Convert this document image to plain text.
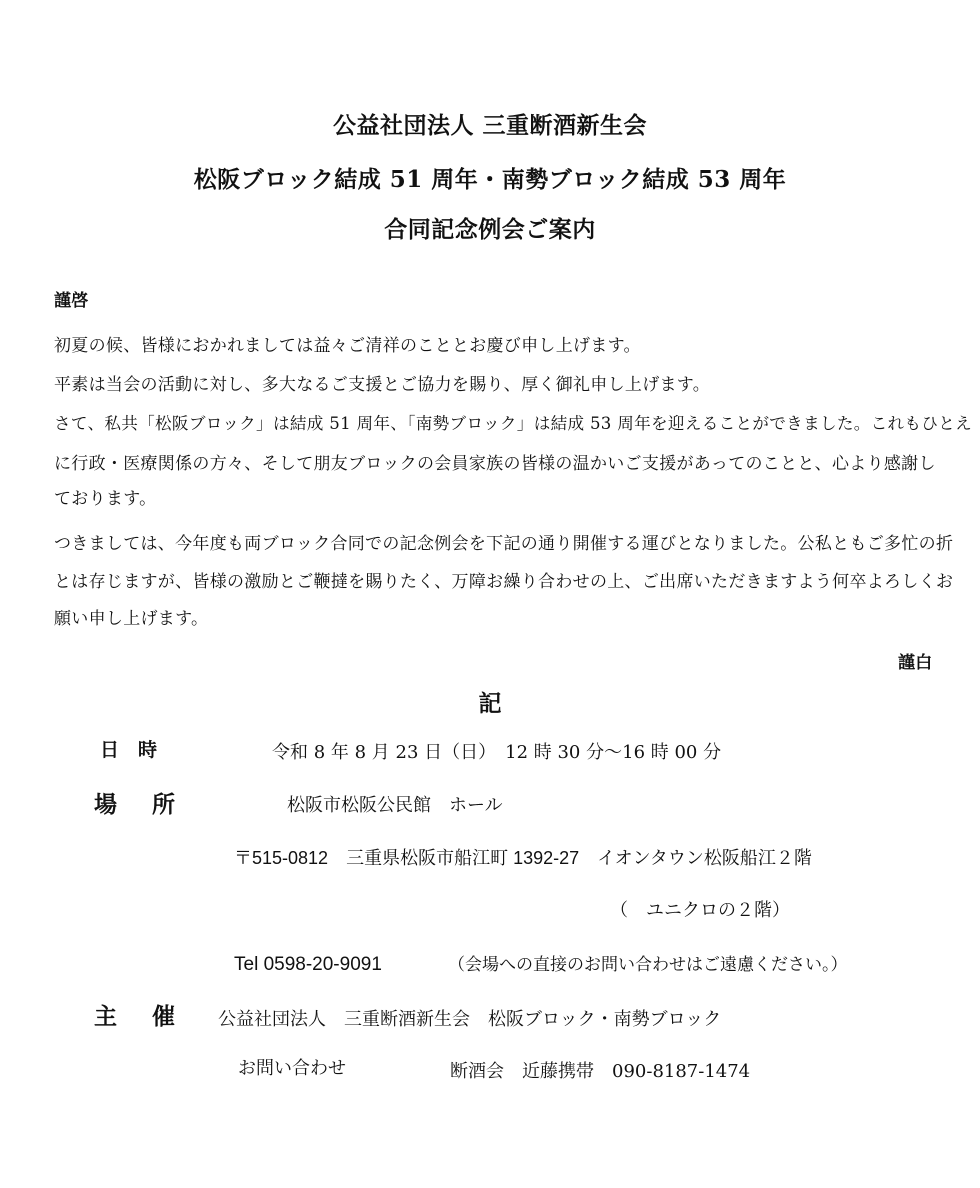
公益社団法人 三重断酒新生会
松阪ブロック結成 51 周年・南勢ブロック結成 53 周年
合同記念例会ご案内
謹啓
初夏の候、皆様におかれましては益々ご清祥のこととお慶び申し上げます。
平素は当会の活動に対し、多大なるご支援とご協力を賜り、厚く御礼申し上げます。
さて、私共「松阪ブロック」は結成 51 周年、「南勢ブロック」は結成 53 周年を迎えることができました。これもひとえ
に行政・医療関係の方々、そして朋友ブロックの会員家族の皆様の温かいご支援があってのことと、心より感謝し
ております。
つきましては、今年度も両ブロック合同での記念例会を下記の通り開催する運びとなりました。公私ともご多忙の折
とは存じますが、皆様の激励とご鞭撻を賜りたく、万障お繰り合わせの上、ご出席いただきますよう何卒よろしくお
願い申し上げます。
謹白
記
日　時	令和 8 年 8 月 23 日（日）　12 時 30 分～16 時 00 分
場　所	松阪市松阪公民館　ホール
〒515-0812　三重県松阪市船江町 1392-27　イオンタウン松阪船江２階
（　ユニクロの２階）
Tel 0598-20-9091	（会場への直接のお問い合わせはご遠慮ください。）
主　催 公益社団法人　三重断酒新生会　松阪ブロック・南勢ブロック
お問い合わせ	断酒会　近藤携帯　090‐8187‐1474
